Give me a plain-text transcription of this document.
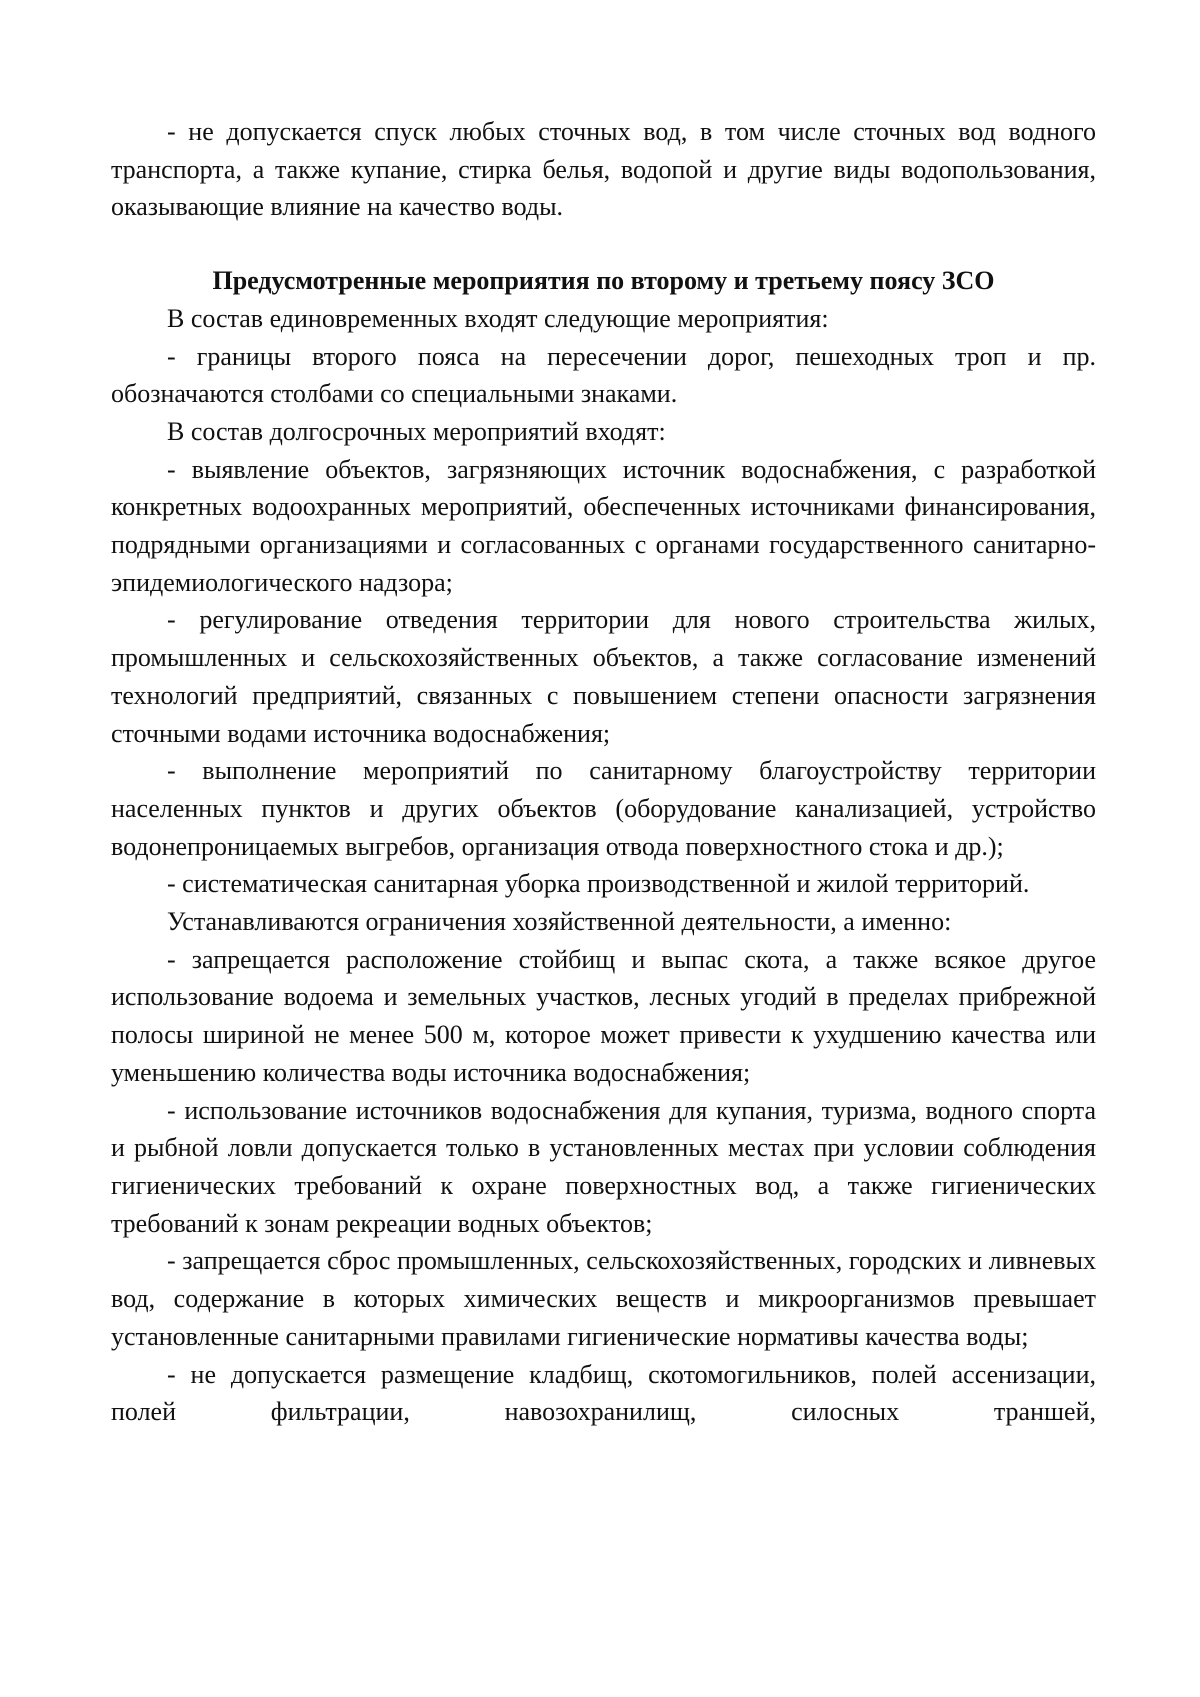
- не допускается спуск любых сточных вод, в том числе сточных вод водного транспорта, а также купание, стирка белья, водопой и другие виды водопользования, оказывающие влияние на качество воды.

Предусмотренные мероприятия по второму и третьему поясу ЗСО

В состав единовременных входят следующие мероприятия:

- границы второго пояса на пересечении дорог, пешеходных троп и пр. обозначаются столбами со специальными знаками.

В состав долгосрочных мероприятий входят:

- выявление объектов, загрязняющих источник водоснабжения, с разработкой конкретных водоохранных мероприятий, обеспеченных источниками финансирования, подрядными организациями и согласованных с органами государственного санитарно-эпидемиологического надзора;

- регулирование отведения территории для нового строительства жилых, промышленных и сельскохозяйственных объектов, а также согласование изменений технологий предприятий, связанных с повышением степени опасности загрязнения сточными водами источника водоснабжения;

- выполнение мероприятий по санитарному благоустройству территории населенных пунктов и других объектов (оборудование канализацией, устройство водонепроницаемых выгребов, организация отвода поверхностного стока и др.);

- систематическая санитарная уборка производственной и жилой территорий.

Устанавливаются ограничения хозяйственной деятельности, а именно:

- запрещается расположение стойбищ и выпас скота, а также всякое другое использование водоема и земельных участков, лесных угодий в пределах прибрежной полосы шириной не менее 500 м, которое может привести к ухудшению качества или уменьшению количества воды источника водоснабжения;

- использование источников водоснабжения для купания, туризма, водного спорта и рыбной ловли допускается только в установленных местах при условии соблюдения гигиенических требований к охране поверхностных вод, а также гигиенических требований к зонам рекреации водных объектов;

- запрещается сброс промышленных, сельскохозяйственных, городских и ливневых вод, содержание в которых химических веществ и микроорганизмов превышает установленные санитарными правилами гигиенические нормативы качества воды;

- не допускается размещение кладбищ, скотомогильников, полей ассенизации, полей фильтрации, навозохранилищ, силосных траншей,
